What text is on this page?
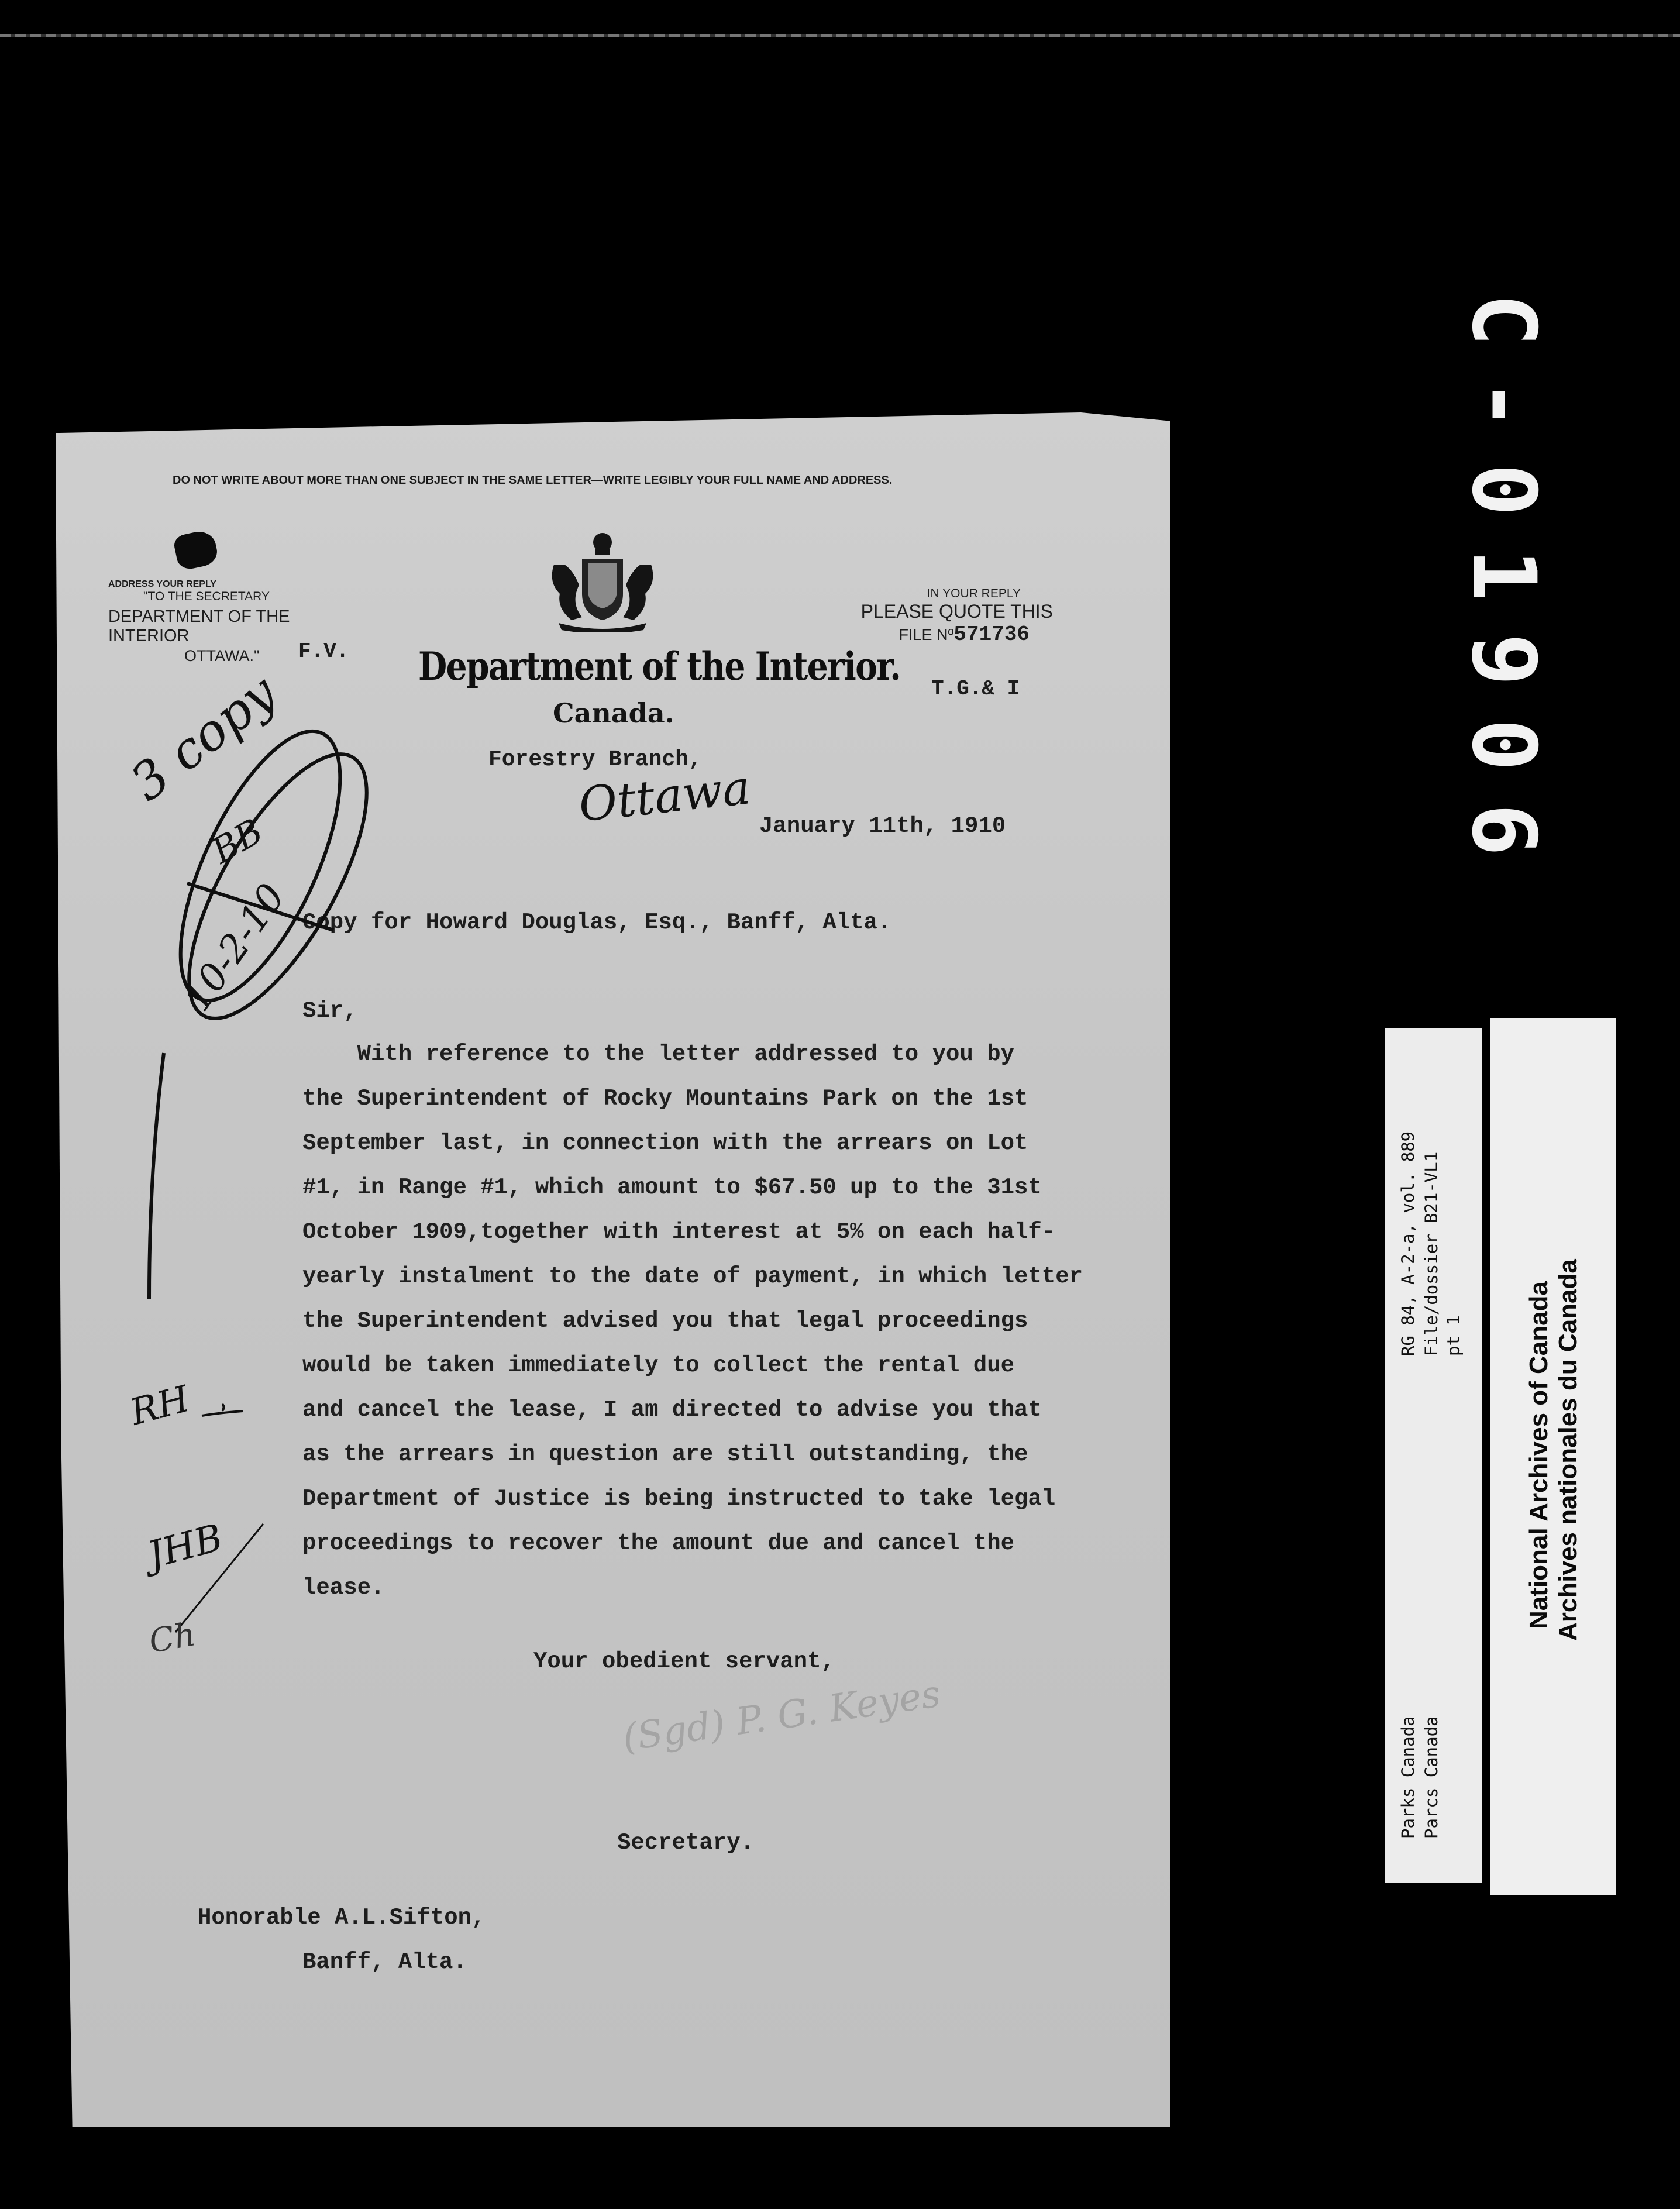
C-01906
DO NOT WRITE ABOUT MORE THAN ONE SUBJECT IN THE SAME LETTER—WRITE LEGIBLY YOUR FULL NAME AND ADDRESS.
ADDRESS YOUR REPLY
"TO THE SECRETARY
DEPARTMENT OF THE INTERIOR
OTTAWA."	F.V. Department of the Interior.
Canada.
Forestry Branch,
Ottawa
IN YOUR REPLY
PLEASE QUOTE THIS
FILE Nº571736
T.G.& I
January 11th, 1910
Copy for Howard Douglas, Esq., Banff, Alta.
Sir,
With reference to the letter addressed to you by
the Superintendent of Rocky Mountains Park on the 1st
September last, in connection with the arrears on Lot
#1, in Range #1, which amount to $67.50 up to the 31st
October 1909,together with interest at 5% on each half-
yearly instalment to the date of payment, in which letter
the Superintendent advised you that legal proceedings
would be taken immediately to collect the rental due
and cancel the lease, I am directed to advise you that
as the arrears in question are still outstanding, the
Department of Justice is being instructed to take legal
proceedings to recover the amount due and cancel the
lease.
Your obedient servant,
(Sgd) P. G. Keyes
Secretary.
Honorable A.L.Sifton,
Banff, Alta.
3 copy
BB
10-2-10
RH
JHB
Ch
RG 84, A-2-a, vol. 889 File/dossier B21-VL1 pt 1
Parks Canada Parcs Canada
National Archives of Canada Archives nationales du Canada
